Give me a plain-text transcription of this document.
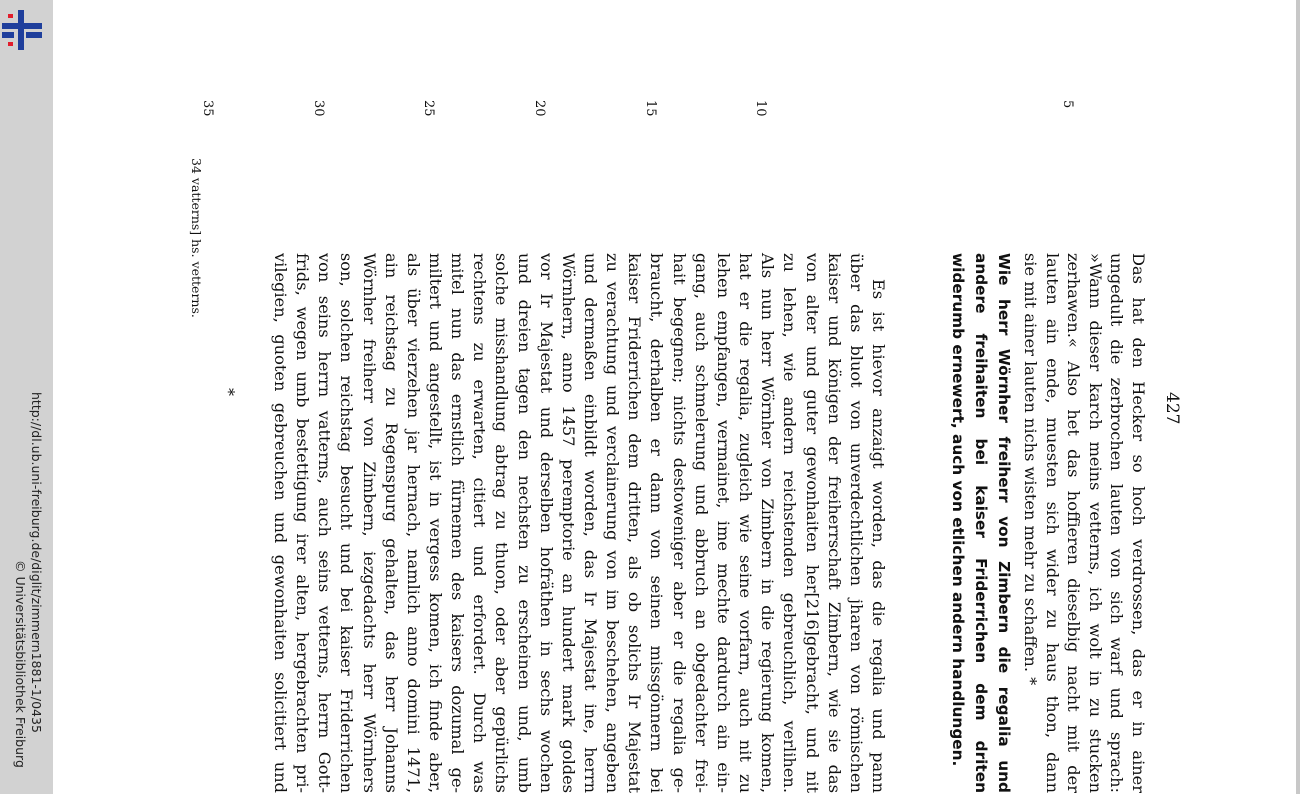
http://dl.ub.uni-freiburg.de/diglit/zimmern1881-1/0435
© Universitätsbibliothek Freiburg
427
Das hat den Hecker so hoch verdrossen, das er in ainer
ungedult die zerbrochen lauten von sich warf und sprach:
»Wann dieser karch meins vetterns, ich wolt in zu stucken
zerhawen.« Also het das hoffieren dieselbig nacht mit der
lauten ain ende, muesten sich wider zu haus thon, dann
sie mit ainer lauten nichs wisten mehr zu schaffen. *
Wie herr Wörnher freiherr von Zimbern die regalia und
andere freihaiten bei kaiser Friderrichen dem driten
widerumb ernewert, auch von etlichen andern handlungen.
Es ist hievor anzaigt worden, das die regalia und pann
über das bluot von unverdechtlichen jharen von römischen
kaiser und königen der freiherrschaft Zimbern, wie sie das
von alter und guter gewonhaiten her[216]gebracht, und nit
zu lehen, wie andern reichstenden gebreuchlich, verlihen.
Als nun herr Wörnher von Zimbern in die regierung komen,
hat er die regalia, zugleich wie seine vorfarn, auch nit zu
lehen empfangen, vermainet, ime mechte dardurch ain ein-
gang, auch schmelerung und abbruch an obgedachter frei-
hait begegnen; nichts destoweniger aber er die regalia ge-
braucht, derhalben er dann von seinen missgönnern bei
kaiser Friderrichen dem dritten, als ob solichs Ir Majestat
zu verachtung und verclainerung von im beschehen, angeben
und dermaßen einbildt worden, das Ir Majestat ine, herrn
Wörnhern, anno 1457 peremptorie an hundert mark goldes
vor Ir Majestat und derselben hofräthen in sechs wochen
und dreien tagen den nechsten zu erscheinen und, umb
solche misshandlung abtrag zu thuon, oder aber gepürlichs
rechtens zu erwarten, citiert und erfordert. Durch was
mitel nun das ernstlich fürnemen des kaisers dozumal ge-
miltert und angestellt, ist in vergess komen, ich finde aber,
als über vierzehen jar hernach, namlich anno domini 1471,
ain reichstag zu Regenspurg gehalten, das herr Johanns
Wörnher freiherr von Zimbern, iezgedachts herr Wörnhers
son, solchen reichstag besucht und bei kaiser Friderrichen
von seins herrn vatterns, auch seins vetterns, herrn Gott-
frids, wegen umb bestettigung irer alten, hergebrachten pri-
vilegien, guoten gebreuchen und gewonhaiten solicitiert und
5
10
15
20
25
30
35
*
34 vatterns] hs. vetterns.
